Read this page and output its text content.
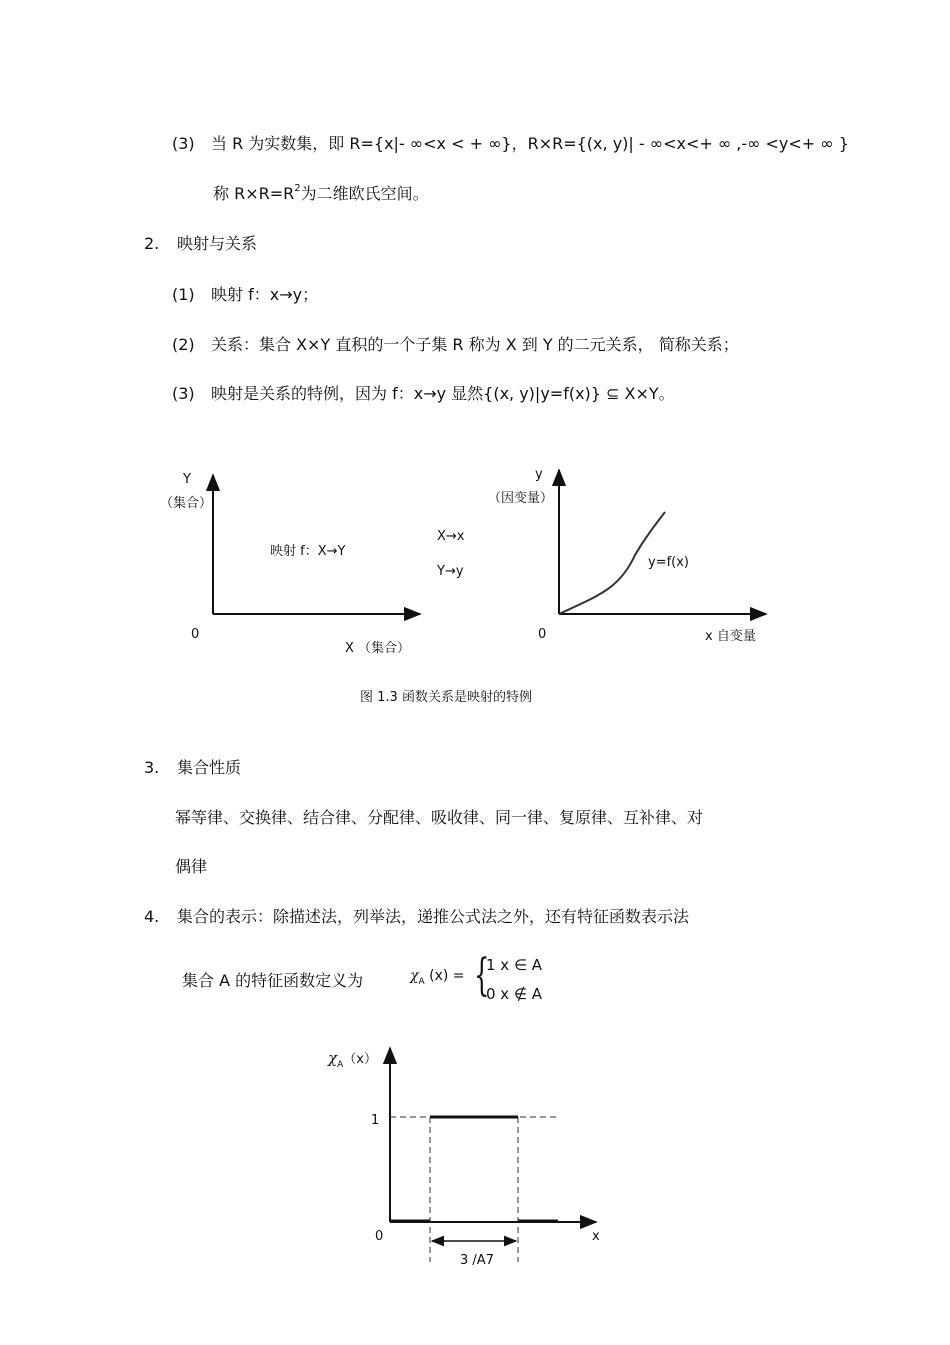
(3) 当 R 为实数集，即 R={x|- ∞<x < + ∞}，R×R={(x, y)| - ∞<x<+ ∞ ,-∞ <y<+ ∞ }
称 $R\times R=R^2$为二维欧氏空间。
2. 映射与关系
(1) 映射 f：x→y；
(2) 关系：集合 X×Y 直积的一个子集 R 称为 X 到 Y 的二元关系， 简称关系；
(3) 映射是关系的特例，因为 f：x→y 显然{(x, y)|y=f(x)} ⊆ X×Y。
Y
（集合）
映射 f：X→Y
0
X （集合）
X→x
Y→y
y
（因变量）
y=f(x)
0	x 自变量
图 1.3 函数关系是映射的特例
3. 集合性质
幂等律、交换律、结合律、分配律、吸收律、同一律、复原律、互补律、对
偶律
4. 集合的表示：除描述法，列举法，递推公式法之外，还有特征函数表示法
集合 A 的特征函数定义为	$\chi_A$ (x) = {
1 x ∈ A
0 x ∉ A
$\chi_A(x)$
1
0	x
3 /A7
